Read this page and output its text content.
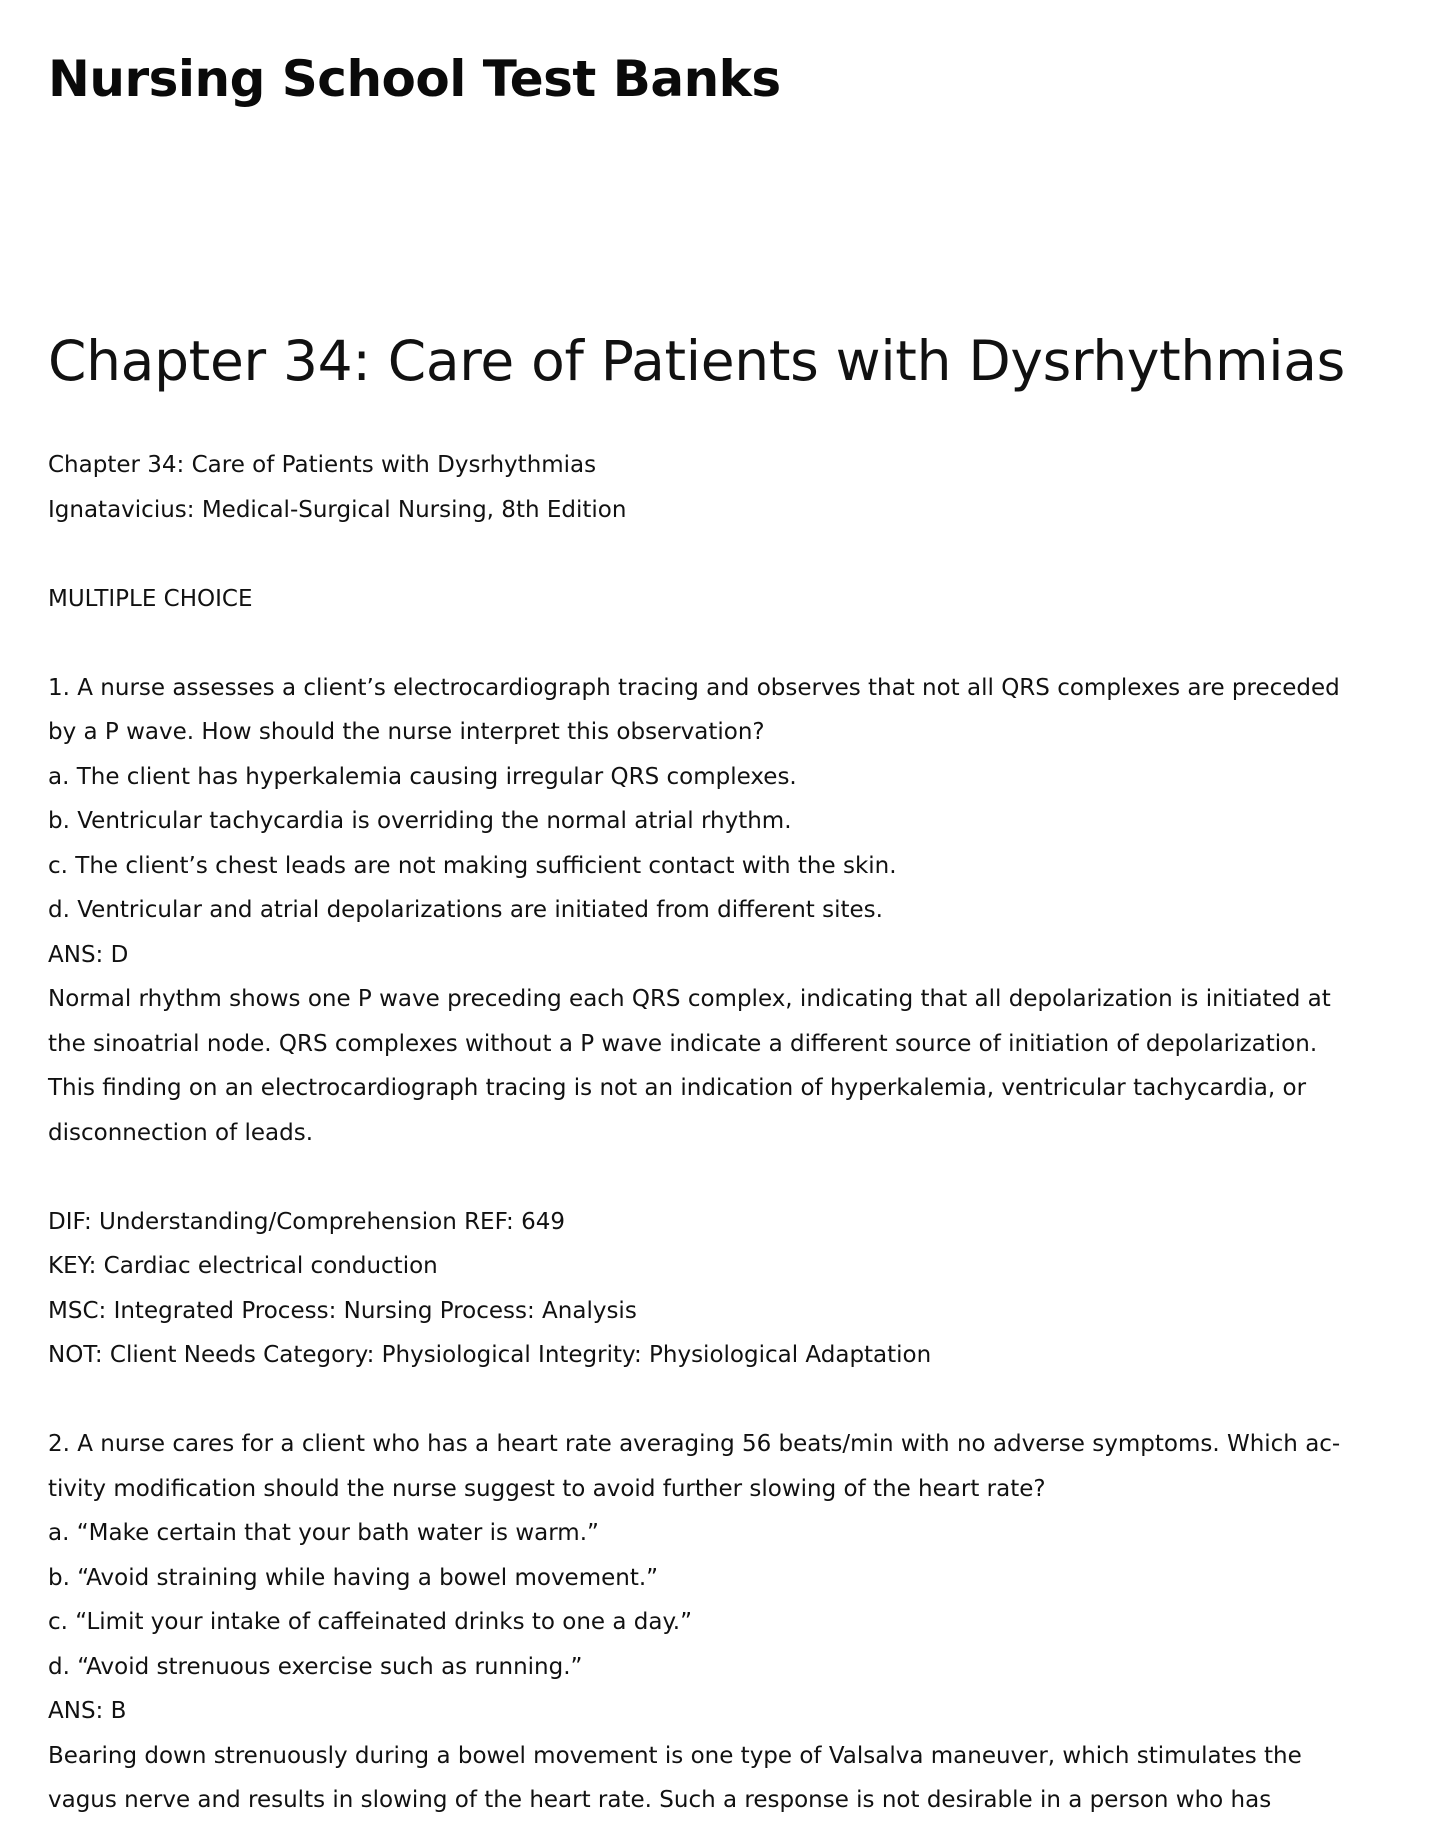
Nursing School Test Banks
Chapter 34: Care of Patients with Dysrhythmias
Chapter 34: Care of Patients with Dysrhythmias
Ignatavicius: Medical-Surgical Nursing, 8th Edition
MULTIPLE CHOICE
1. A nurse assesses a client’s electrocardiograph tracing and observes that not all QRS complexes are preceded
by a P wave. How should the nurse interpret this observation?
a. The client has hyperkalemia causing irregular QRS complexes.
b. Ventricular tachycardia is overriding the normal atrial rhythm.
c. The client’s chest leads are not making sufficient contact with the skin.
d. Ventricular and atrial depolarizations are initiated from different sites.
ANS: D
Normal rhythm shows one P wave preceding each QRS complex, indicating that all depolarization is initiated at
the sinoatrial node. QRS complexes without a P wave indicate a different source of initiation of depolarization.
This finding on an electrocardiograph tracing is not an indication of hyperkalemia, ventricular tachycardia, or
disconnection of leads.
DIF: Understanding/Comprehension REF: 649
KEY: Cardiac electrical conduction
MSC: Integrated Process: Nursing Process: Analysis
NOT: Client Needs Category: Physiological Integrity: Physiological Adaptation
2. A nurse cares for a client who has a heart rate averaging 56 beats/min with no adverse symptoms. Which ac-
tivity modification should the nurse suggest to avoid further slowing of the heart rate?
a. “Make certain that your bath water is warm.”
b. “Avoid straining while having a bowel movement.”
c. “Limit your intake of caffeinated drinks to one a day.”
d. “Avoid strenuous exercise such as running.”
ANS: B
Bearing down strenuously during a bowel movement is one type of Valsalva maneuver, which stimulates the
vagus nerve and results in slowing of the heart rate. Such a response is not desirable in a person who has
